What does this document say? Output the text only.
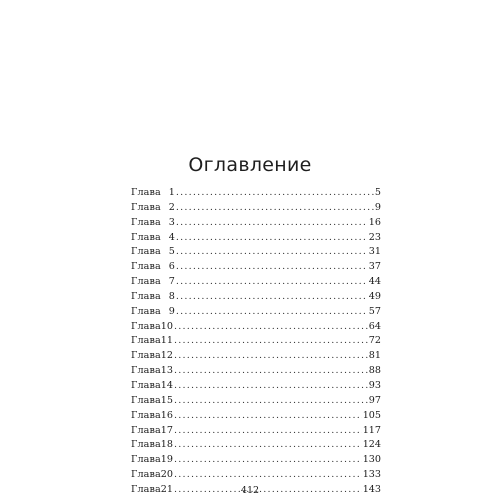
Оглавление
Глава 1 .....	5
Глава 2 .....	9
Глава 3 .....	16
Глава 4 .....	23
Глава 5 .....	31
Глава 6 .....	37
Глава 7 .....	44
Глава 8 .....	49
Глава 9 .....	57
Глава 10 .....	64
Глава 11 .....	72
Глава 12 .....	81
Глава 13 .....	88
Глава 14 .....	93
Глава 15 .....	97
Глава 16 .....	105
Глава 17 .....	117
Глава 18 .....	124
Глава 19 .....	130
Глава 20 .....	133
Глава 21 .....	143
412
